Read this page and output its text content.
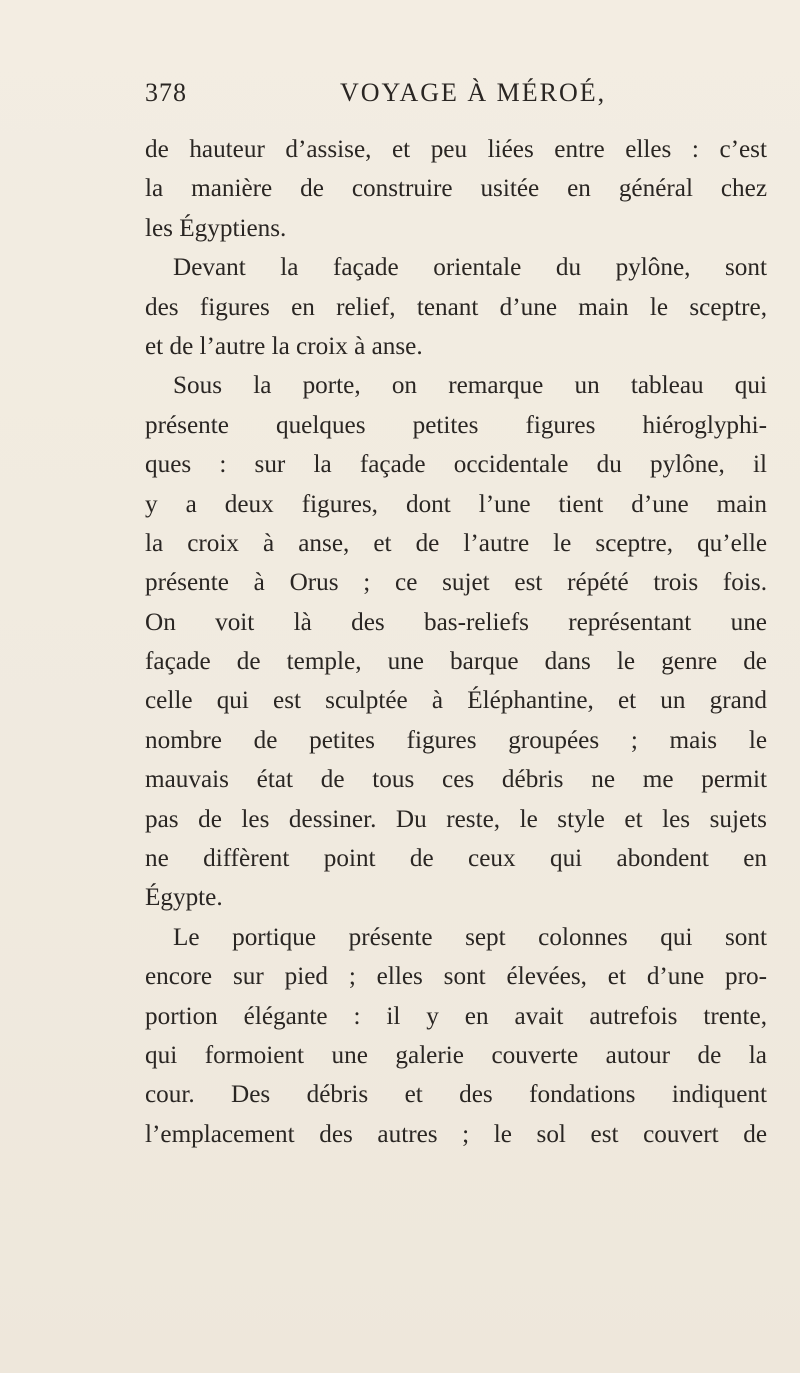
378	VOYAGE À MÉROÉ,
de hauteur d’assise, et peu liées entre elles : c’est
la manière de construire usitée en général chez
les Égyptiens.
Devant la façade orientale du pylône, sont
des figures en relief, tenant d’une main le sceptre,
et de l’autre la croix à anse.
Sous la porte, on remarque un tableau qui
présente quelques petites figures hiéroglyphi-
ques : sur la façade occidentale du pylône, il
y a deux figures, dont l’une tient d’une main
la croix à anse, et de l’autre le sceptre, qu’elle
présente à Orus ; ce sujet est répété trois fois.
On voit là des bas-reliefs représentant une
façade de temple, une barque dans le genre de
celle qui est sculptée à Éléphantine, et un grand
nombre de petites figures groupées ; mais le
mauvais état de tous ces débris ne me permit
pas de les dessiner. Du reste, le style et les sujets
ne diffèrent point de ceux qui abondent en
Égypte.
Le portique présente sept colonnes qui sont
encore sur pied ; elles sont élevées, et d’une pro-
portion élégante : il y en avait autrefois trente,
qui formoient une galerie couverte autour de la
cour. Des débris et des fondations indiquent
l’emplacement des autres ; le sol est couvert de
